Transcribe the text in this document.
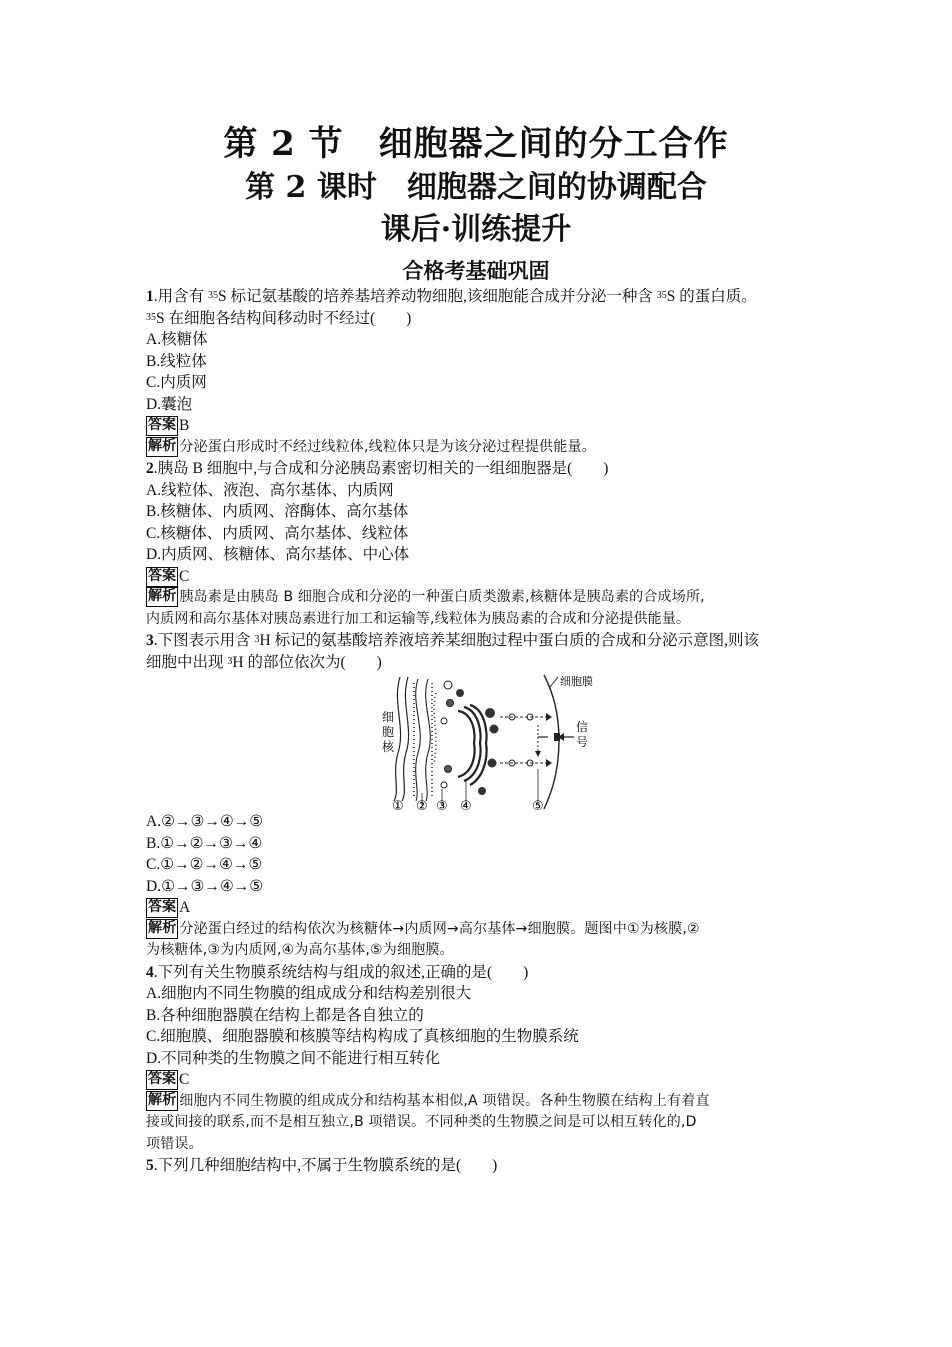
第 2 节　细胞器之间的分工合作
第 2 课时　细胞器之间的协调配合
课后·训练提升
合格考基础巩固
1.用含有 $^{35}$S 标记氨基酸的培养基培养动物细胞,该细胞能合成并分泌一种含 $^{35}$S 的蛋白质。
$^{35}$S 在细胞各结构间移动时不经过(　　)
A.核糖体
B.线粒体
C.内质网
D.囊泡
答案 B
解析 分泌蛋白形成时不经过线粒体,线粒体只是为该分泌过程提供能量。
2.胰岛 B 细胞中,与合成和分泌胰岛素密切相关的一组细胞器是(　　)
A.线粒体、液泡、高尔基体、内质网
B.核糖体、内质网、溶酶体、高尔基体
C.核糖体、内质网、高尔基体、线粒体
D.内质网、核糖体、高尔基体、中心体
答案 C
解析 胰岛素是由胰岛 B 细胞合成和分泌的一种蛋白质类激素,核糖体是胰岛素的合成场所,
内质网和高尔基体对胰岛素进行加工和运输等,线粒体为胰岛素的合成和分泌提供能量。
3.下图表示用含 $^3$H 标记的氨基酸培养液培养某细胞过程中蛋白质的合成和分泌示意图,则该
细胞中出现 $^3$H 的部位依次为(　　)
细
胞
核
细胞膜
信
号
① ② ③ ④	⑤
A.②→③→④→⑤
B.①→②→③→④
C.①→②→④→⑤
D.①→③→④→⑤
答案 A
解析 分泌蛋白经过的结构依次为核糖体→内质网→高尔基体→细胞膜。题图中①为核膜,②
为核糖体,③为内质网,④为高尔基体,⑤为细胞膜。
4.下列有关生物膜系统结构与组成的叙述,正确的是(　　)
A.细胞内不同生物膜的组成成分和结构差别很大
B.各种细胞器膜在结构上都是各自独立的
C.细胞膜、细胞器膜和核膜等结构构成了真核细胞的生物膜系统
D.不同种类的生物膜之间不能进行相互转化
答案 C
解析 细胞内不同生物膜的组成成分和结构基本相似,A 项错误。各种生物膜在结构上有着直
接或间接的联系,而不是相互独立,B 项错误。不同种类的生物膜之间是可以相互转化的,D
项错误。
5.下列几种细胞结构中,不属于生物膜系统的是(　　)
